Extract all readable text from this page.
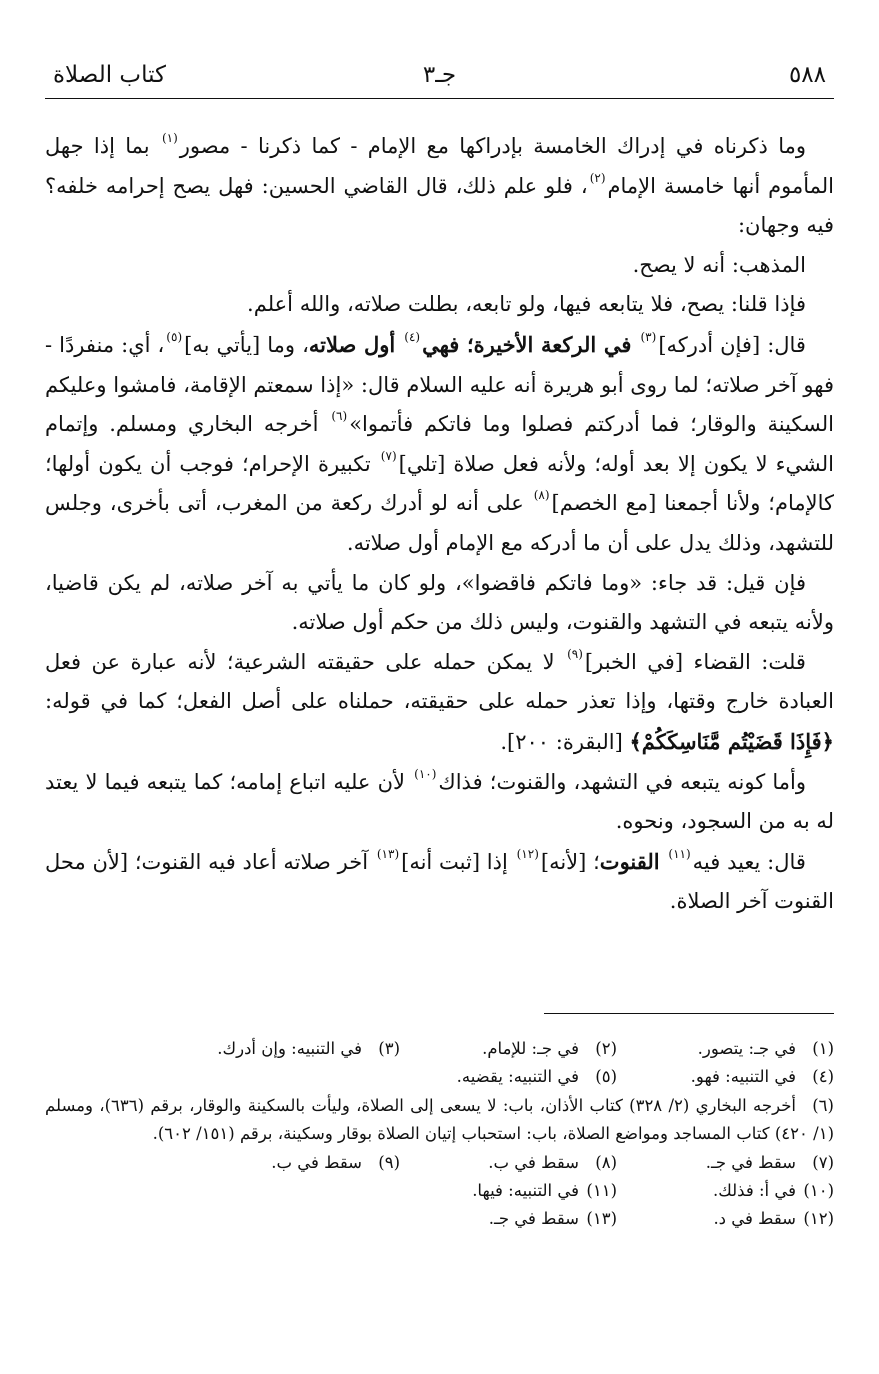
٥٨٨
جـ٣
كتاب الصلاة

وما ذكرناه في إدراك الخامسة بإدراكها مع الإمام - كما ذكرنا - مصور$^{(١)}$ بما إذا جهل المأموم أنها خامسة الإمام$^{(٢)}$، فلو علم ذلك، قال القاضي الحسين: فهل يصح إحرامه خلفه؟ فيه وجهان:

المذهب: أنه لا يصح.

فإذا قلنا: يصح، فلا يتابعه فيها، ولو تابعه، بطلت صلاته، والله أعلم.

قال: [فإن أدركه]$^{(٣)}$ في الركعة الأخيرة؛ فهي$^{(٤)}$ أول صلاته، وما [يأتي به]$^{(٥)}$، أي: منفردًا - فهو آخر صلاته؛ لما روى أبو هريرة أنه عليه السلام قال: «إذا سمعتم الإقامة، فامشوا وعليكم السكينة والوقار؛ فما أدركتم فصلوا وما فاتكم فأتموا»$^{(٦)}$ أخرجه البخاري ومسلم. وإتمام الشيء لا يكون إلا بعد أوله؛ ولأنه فعل صلاة [تلي]$^{(٧)}$ تكبيرة الإحرام؛ فوجب أن يكون أولها؛ كالإمام؛ ولأنا أجمعنا [مع الخصم]$^{(٨)}$ على أنه لو أدرك ركعة من المغرب، أتى بأخرى، وجلس للتشهد، وذلك يدل على أن ما أدركه مع الإمام أول صلاته.

فإن قيل: قد جاء: «وما فاتكم فاقضوا»، ولو كان ما يأتي به آخر صلاته، لم يكن قاضيا، ولأنه يتبعه في التشهد والقنوت، وليس ذلك من حكم أول صلاته.

قلت: القضاء [في الخبر]$^{(٩)}$ لا يمكن حمله على حقيقته الشرعية؛ لأنه عبارة عن فعل العبادة خارج وقتها، وإذا تعذر حمله على حقيقته، حملناه على أصل الفعل؛ كما في قوله: ﴿فَإِذَا قَضَيْتُم مَّنَاسِكَكُمْ﴾ [البقرة: ٢٠٠].

وأما كونه يتبعه في التشهد، والقنوت؛ فذاك$^{(١٠)}$ لأن عليه اتباع إمامه؛ كما يتبعه فيما لا يعتد له به من السجود، ونحوه.

قال: يعيد فيه$^{(١١)}$ القنوت؛ [لأنه]$^{(١٢)}$ إذا [ثبت أنه]$^{(١٣)}$ آخر صلاته أعاد فيه القنوت؛ [لأن محل القنوت آخر الصلاة.

(١)في جـ: يتصور.
(٢)في جـ: للإمام.
(٣)في التنبيه: وإن أدرك.
(٤)في التنبيه: فهو.
(٥)في التنبيه: يقضيه.
(٦)أخرجه البخاري (٢/ ٣٢٨) كتاب الأذان، باب: لا يسعى إلى الصلاة، وليأت بالسكينة والوقار، برقم (٦٣٦)، ومسلم (١/ ٤٢٠) كتاب المساجد ومواضع الصلاة، باب: استحباب إتيان الصلاة بوقار وسكينة، برقم (١٥١/ ٦٠٢).
(٧)سقط في جـ.
(٨)سقط في ب.
(٩)سقط في ب.
(١٠)في أ: فذلك.
(١١)في التنبيه: فيها.
(١٢)سقط في د.
(١٣)سقط في جـ.
